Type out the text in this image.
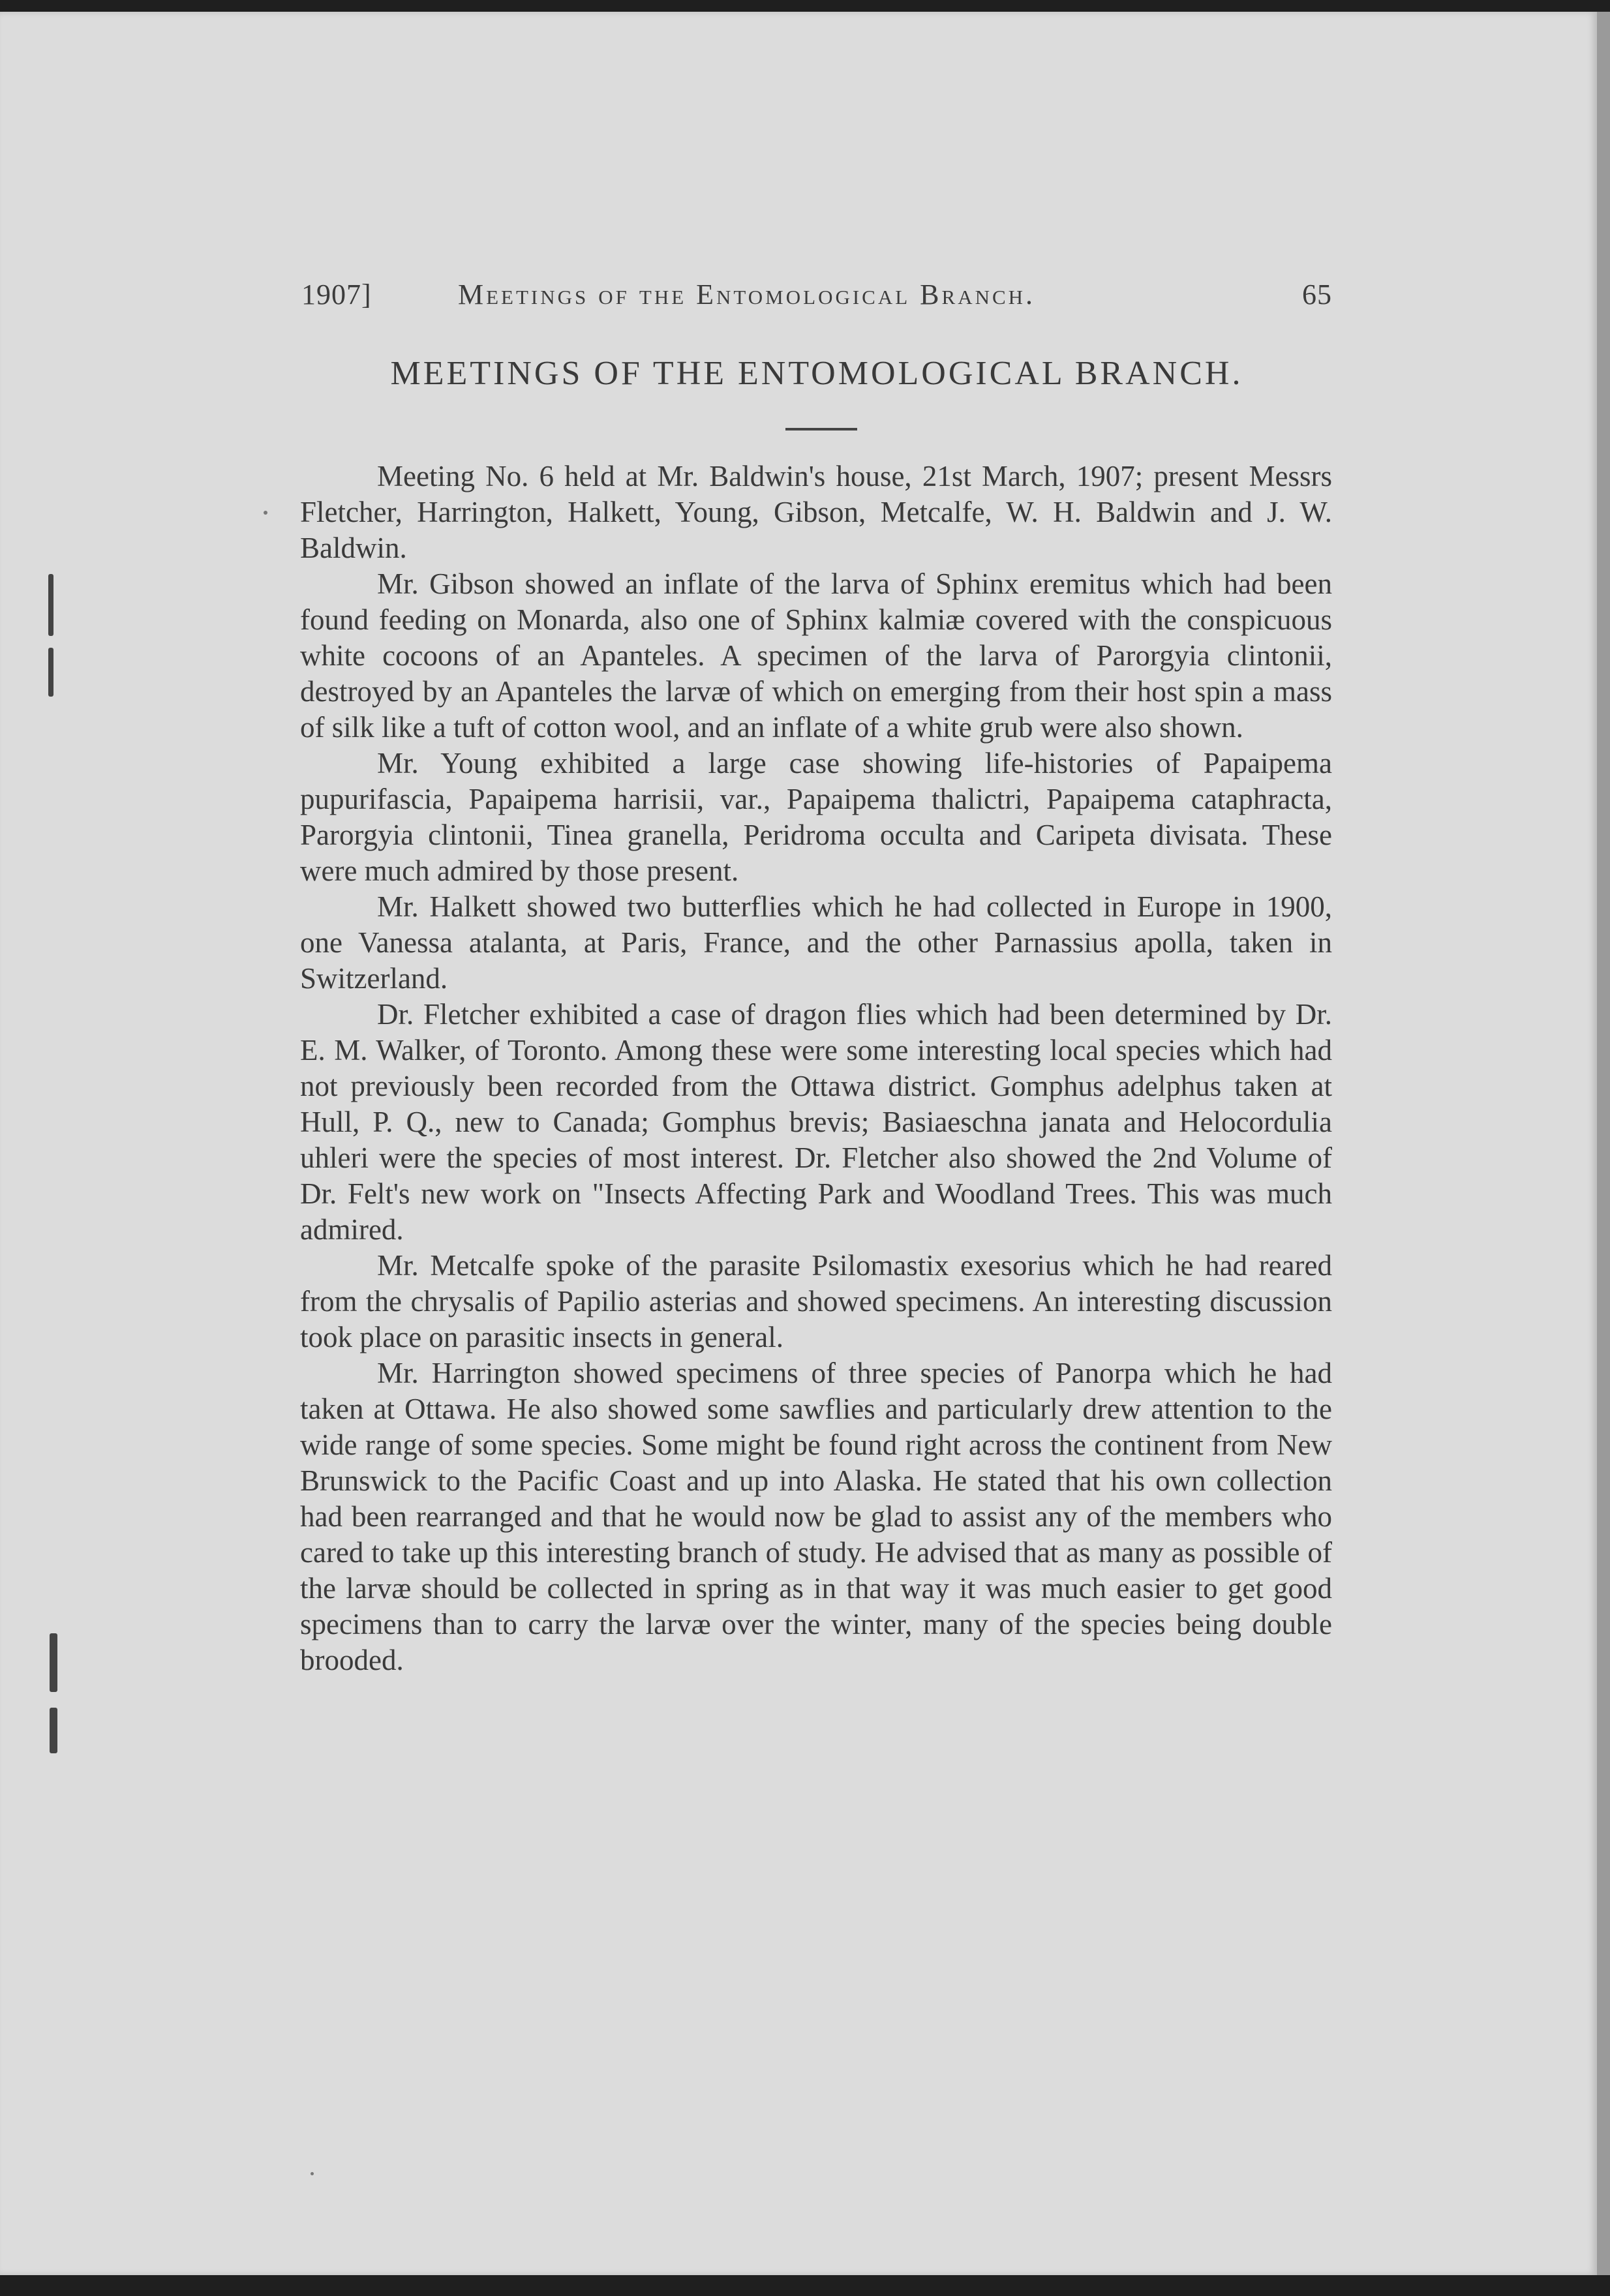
1907]	Meetings of the Entomological Branch.	65
MEETINGS OF THE ENTOMOLOGICAL BRANCH.

Meeting No. 6 held at Mr. Baldwin's house, 21st March, 1907; present Messrs Fletcher, Harrington, Halkett, Young, Gibson, Metcalfe, W. H. Baldwin and J. W. Baldwin.

Mr. Gibson showed an inflate of the larva of Sphinx eremitus which had been found feeding on Monarda, also one of Sphinx kalmiæ covered with the conspicuous white cocoons of an Apanteles. A specimen of the larva of Parorgyia clintonii, destroyed by an Apanteles the larvæ of which on emerging from their host spin a mass of silk like a tuft of cotton wool, and an inflate of a white grub were also shown.

Mr. Young exhibited a large case showing life-histories of Papaipema pupurifascia, Papaipema harrisii, var., Papaipema thalictri, Papaipema cataphracta, Parorgyia clintonii, Tinea granella, Peridroma occulta and Caripeta divisata. These were much admired by those present.

Mr. Halkett showed two butterflies which he had collected in Europe in 1900, one Vanessa atalanta, at Paris, France, and the other Parnassius apolla, taken in Switzerland.

Dr. Fletcher exhibited a case of dragon flies which had been determined by Dr. E. M. Walker, of Toronto. Among these were some interesting local species which had not previously been recorded from the Ottawa district. Gomphus adelphus taken at Hull, P. Q., new to Canada; Gomphus brevis; Basiaeschna janata and Helocordulia uhleri were the species of most interest. Dr. Fletcher also showed the 2nd Volume of Dr. Felt's new work on "Insects Affecting Park and Woodland Trees. This was much admired.

Mr. Metcalfe spoke of the parasite Psilomastix exesorius which he had reared from the chrysalis of Papilio asterias and showed specimens. An interesting discussion took place on parasitic insects in general.

Mr. Harrington showed specimens of three species of Panorpa which he had taken at Ottawa. He also showed some sawflies and particularly drew attention to the wide range of some species. Some might be found right across the continent from New Brunswick to the Pacific Coast and up into Alaska. He stated that his own collection had been rearranged and that he would now be glad to assist any of the members who cared to take up this interesting branch of study. He advised that as many as possible of the larvæ should be collected in spring as in that way it was much easier to get good specimens than to carry the larvæ over the winter, many of the species being double brooded.
